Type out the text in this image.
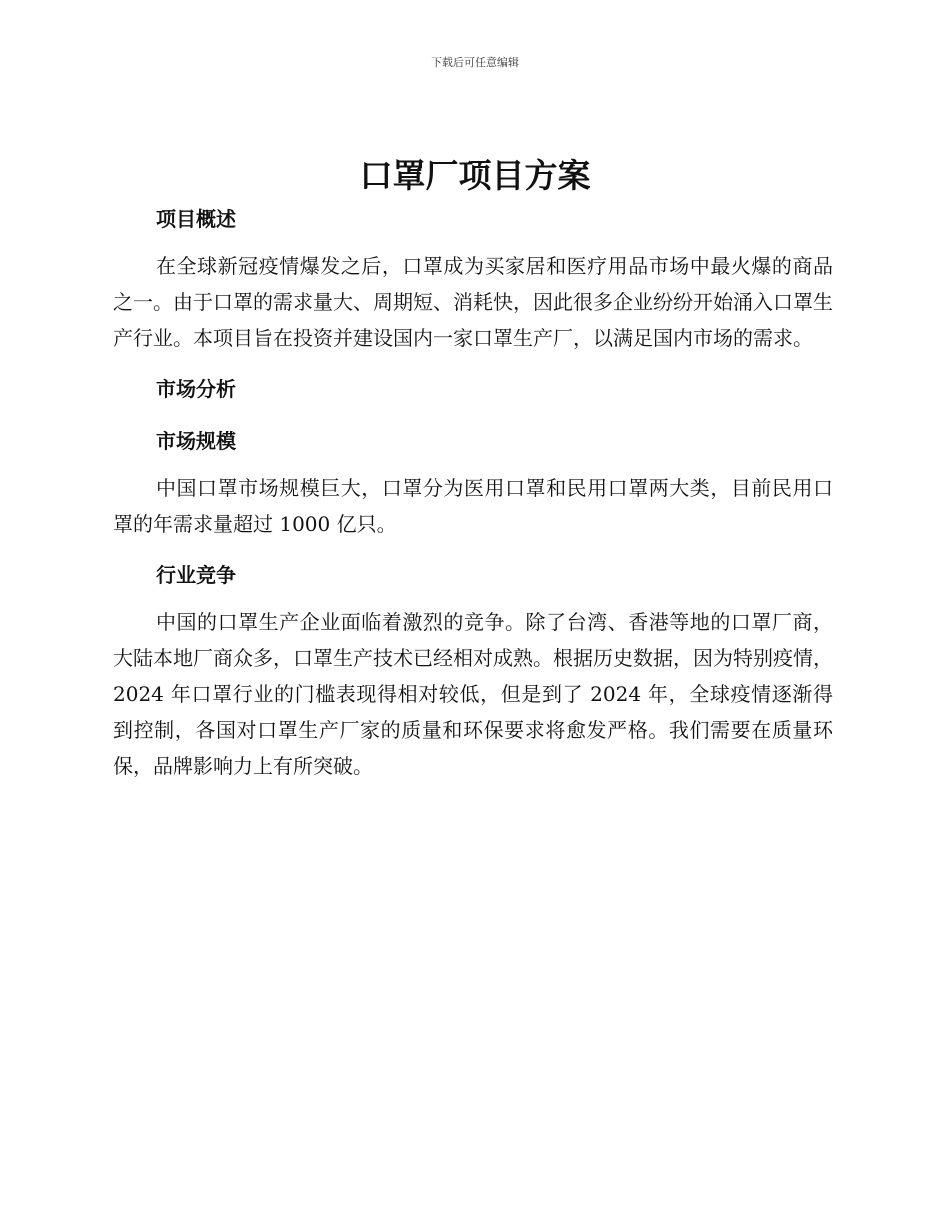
下载后可任意编辑
口罩厂项目方案
项目概述

在全球新冠疫情爆发之后，口罩成为买家居和医疗用品市场中最火爆的商品之一。由于口罩的需求量大、周期短、消耗快，因此很多企业纷纷开始涌入口罩生产行业。本项目旨在投资并建设国内一家口罩生产厂，以满足国内市场的需求。

市场分析
市场规模

中国口罩市场规模巨大，口罩分为医用口罩和民用口罩两大类，目前民用口罩的年需求量超过 1000 亿只。

行业竞争

中国的口罩生产企业面临着激烈的竞争。除了台湾、香港等地的口罩厂商，大陆本地厂商众多，口罩生产技术已经相对成熟。根据历史数据，因为特别疫情，2024 年口罩行业的门槛表现得相对较低，但是到了 2024 年，全球疫情逐渐得到控制，各国对口罩生产厂家的质量和环保要求将愈发严格。我们需要在质量环保，品牌影响力上有所突破。
